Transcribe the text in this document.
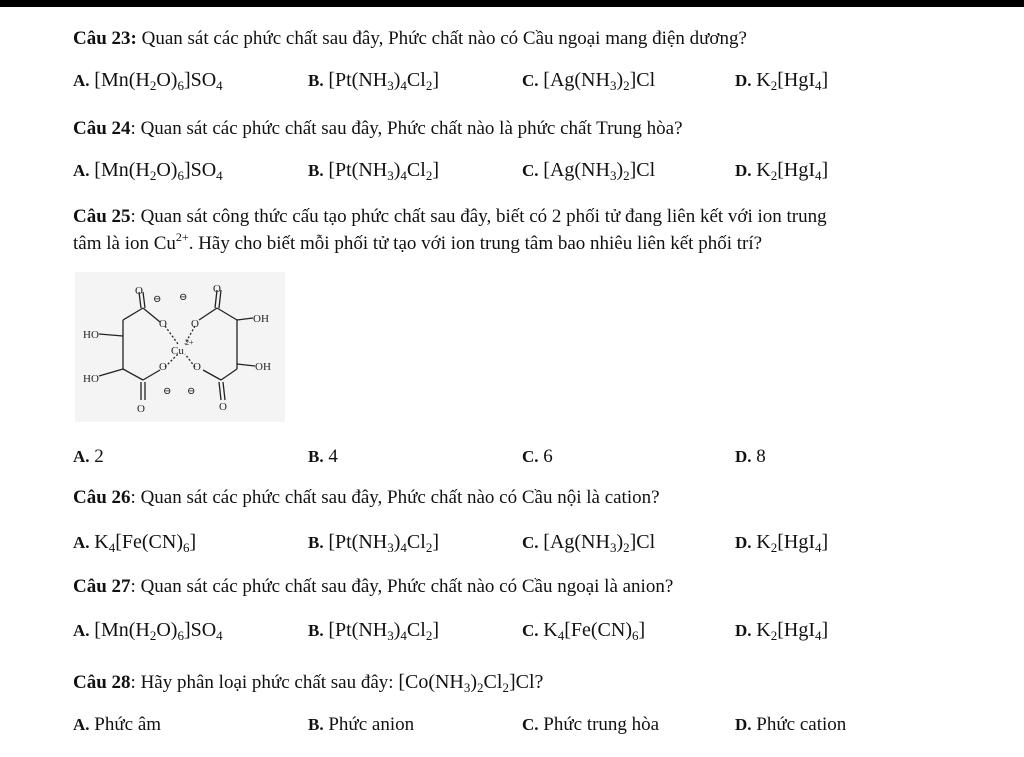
Câu 23: Quan sát các phức chất sau đây, Phức chất nào có Cầu ngoại mang điện dương?
A. $[Mn(H_2O)_6]SO_4$	B. $[Pt(NH_3)_4Cl_2]$	C. $[Ag(NH_3)_2]Cl$	D. $K_2[HgI_4]$
Câu 24: Quan sát các phức chất sau đây, Phức chất nào là phức chất Trung hòa?
A. $[Mn(H_2O)_6]SO_4$	B. $[Pt(NH_3)_4Cl_2]$	C. $[Ag(NH_3)_2]Cl$	D. $K_2[HgI_4]$
Câu 25: Quan sát công thức cấu tạo phức chất sau đây, biết có 2 phối tử đang liên kết với ion trung
tâm là ion $Cu^{2+}$. Hãy cho biết mỗi phối tử tạo với ion trung tâm bao nhiêu liên kết phối trí?
HO
HO
OH
OH
Cu
2+
O
O O
O
O O
O	O
⊖ ⊖
⊖ ⊖
A. 2	B. 4	C. 6	D. 8
Câu 26: Quan sát các phức chất sau đây, Phức chất nào có Cầu nội là cation?
A. $K_4[Fe(CN)_6]$	B. $[Pt(NH_3)_4Cl_2]$	C. $[Ag(NH_3)_2]Cl$	D. $K_2[HgI_4]$
Câu 27: Quan sát các phức chất sau đây, Phức chất nào có Cầu ngoại là anion?
A. $[Mn(H_2O)_6]SO_4$	B. $[Pt(NH_3)_4Cl_2]$	C. $K_4[Fe(CN)_6]$	D. $K_2[HgI_4]$
Câu 28: Hãy phân loại phức chất sau đây: $[Co(NH_3)_2Cl_2]Cl$?
A. Phức âm	B. Phức anion	C. Phức trung hòa	D. Phức cation
